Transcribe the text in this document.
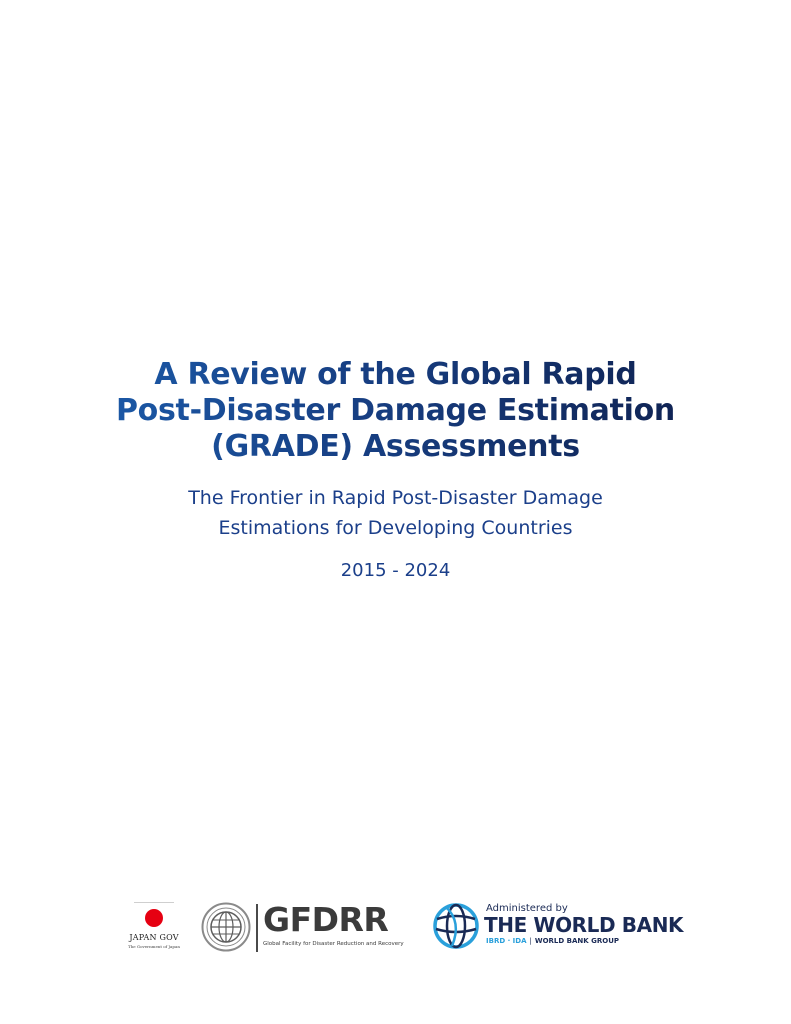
A Review of the Global Rapid
Post-Disaster Damage Estimation
(GRADE) Assessments
The Frontier in Rapid Post-Disaster Damage
Estimations for Developing Countries
2015 - 2024
JAPAN GOV
The Government of Japan
GFDRR
Global Facility for Disaster Reduction and Recovery
Administered by
THE WORLD BANK
IBRD · IDA | WORLD BANK GROUP
